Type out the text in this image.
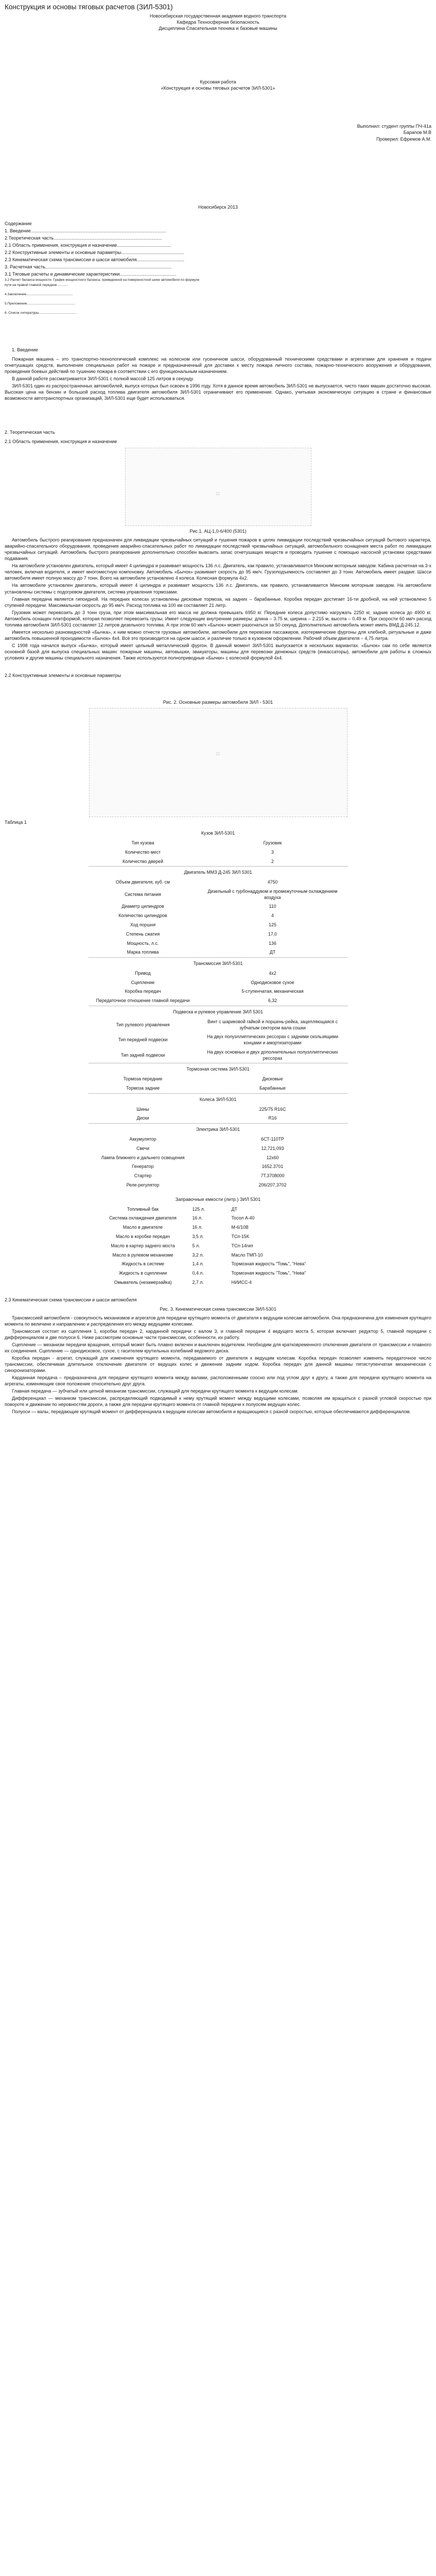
Конструкция и основы тяговых расчетов (ЗИЛ-5301)

Новосибирская государственная академия водного транспорта

Кафедра Техносферная безопасность

Дисциплина Спасательная техника и базовые машины

Курсовая работа

«Конструкция и основы тяговых расчетов ЗИЛ-5301»

Выполнил: студент группы ПЧ-41а

Бараnов М.В

Проверил: Ефремов А.М.

Новосибирск 2013

Содержание

1. Введение.........................................................................................................

2.Теоретическая часть....................................................................................

2.1 Область применения, конструкция и назначение..........................................

2.2 Конструктивные элементы и основные параметры.................................................

2.3 Кинематическая схема трансмиссии и шасси автомобиля.....................................

3. Расчетная часть..................................................................................................

3.1 Тяговые расчеты и динамические характеристики............................................

3.2 Расчет баланса мощности. График мощностного баланса, приведенной на поверхностной шине автомобиля по формуле

пути на правой главной передаче ...........

4.Заключение..................................................

5.Приложение....................................................

6. Список литературы.........................................

1. Введение

Пожарная машина – это транспортно-технологический комплекс на колесном или гусеничном шасси, оборудованный техническими средствами и агрегатами для хранения и подачи огнетушащих средств, выполнения специальных работ на пожаре и предназначенный для доставки к месту пожара личного состава, пожарно-технического вооружения и оборудования, проведения боевых действий по тушению пожара в соответствии с его функциональным назначением.

В данной работе рассматривается ЗИЛ-5301 с полной массой 125 литров в секунду.

ЗИЛ-5301 один из распространенных автомобилей, выпуск которых был освоен в 1996 году. Хотя в данное время автомобиль ЗИЛ-5301 не выпускается, чисто таких машин достаточно высокая. Высокая цена на бензин и большой расход топлива двигателя автомобиля ЗИЛ-5301 ограничивают его применение. Однако, учитывая экономическую ситуацию в стране и финансовые возможности автотранспортных организаций, ЗИЛ-5301 еще будет использоваться.

2. Теоретическая часть

2.1 Область применения, конструкция и назначение

□

Рис.1. АЦ-1,0-6/400 (5301)

Автомобиль быстрого реагирования предназначен для ликвидации чрезвычайных ситуаций и тушения пожаров в целях ликвидации последствий чрезвычайных ситуаций бытового характера, аварийно-спасательного оборудования, проведения аварийно-спасательных работ по ликвидации последствий чрезвычайных ситуаций, автомобильного оснащения места работ по ликвидации чрезвычайных ситуаций. Автомобиль быстрого реагирования дополнительно способен вывозить запас огнетушащих веществ и проводить тушение с помощью насосной установки средствами подавания.

На автомобиле установлен двигатель, который имеет 4 цилиндра и развивает мощность 136 л.с. Двигатель, как правило, устанавливается Минским моторным заводом. Кабина расчетная на 3-х человек, включая водителя, и имеет многоместную компоновку. Автомобиль «Бычок» развивает скорость до 95 км/ч. Грузоподъемность составляет до 3 тонн. Автомобиль имеет раздвиг. Шасси автомобиля имеет полную массу до 7 тонн. Всего на автомобиле установлено 4 колеса. Колесная формула 4х2.

На автомобиле установлен двигатель, который имеет 4 цилиндра и развивает мощность 136 л.с. Двигатель, как правило, устанавливается Минским моторным заводом. На автомобиле установлены системы с подогревом двигателя, система управления тормозами.

Главная передача является гипоидной. На передних колесах установлены дисковые тормоза, на задних – барабанные. Коробка передач достигает 16-ти дробной, на ней установлено 5 ступеней передачи. Максимальная скорость до 95 км/ч. Расход топлива на 100 км составляет 21 литр.

Грузовик может перевозить до 3 тонн груза, при этом максимальная его масса не должна превышать 6950 кг. Передние колеса допустимо нагружать 2250 кг, задние колеса до 4900 кг. Автомобиль оснащен платформой, которая позволяет перевозить грузы. Имеет следующие внутренние размеры: длина – 3.75 м, ширина – 2.215 м, высота – 0.49 м. При скорости 60 км/ч расход топлива автомобиля ЗИЛ-5301 составляет 12 литров дизельного топлива. А при этом 60 км/ч «Бычок» может разогнаться за 50 секунд. Дополнительно автомобиль может иметь ВМД Д-245.12.

Имеется несколько разновидностей «Бычка», к ним можно отнести грузовые автомобили, автомобили для перевозки пассажиров, изотермические фургоны для хлебной, ритуальные и даже автомобиль повышенной проходимости «Бычок» 4x4. Всё это производится на одном шасси, и различие только в кузовном оформлении. Рабочий объем двигателя – 4,75 литра.

С 1998 года начался выпуск «Бычка», который имеет цельный металлический фургон. В данный момент ЗИЛ-5301 выпускается в нескольких вариантах. «Бычок» сам по себе является основной базой для выпуска специальных машин: пожарные машины, автовышки, эвакуаторы, машины для перевозки денежных средств (инкассаторы), автомобили для работы в сложных условиях и другие машины специального назначения. Также используются полноприводные «Бычки» с колесной формулой 4x4.

2.2 Конструктивные элементы и основные параметры

Рис. 2. Основные размеры автомобиля ЗИЛ - 5301

□

Таблица 1

Кузов ЗИЛ-5301	
Тип кузова	Грузовик
Количество мест	3
Количество дверей	2
Двигатель ММЗ Д-245 ЗИЛ 5301	
Объем двигателя, куб. см	4750
Система питания	Дизельный с турбонаддувом и промежуточным охлаждением воздуха
Диаметр цилиндров	110
Количество цилиндров	4
Ход поршня	125
Степень сжатия	17,0
Мощность, л.с.	136
Марка топлива	ДТ
Трансмиссия ЗИЛ-5301	
Привод	4x2
Сцепление	Однодисковое сухое
Коробка передач	5-ступенчатая, механическая
Передаточное отношение главной передачи	6,32
Подвеска и рулевое управление ЗИЛ 5301	
Тип рулевого управления	Винт с шариковой гайкой и поршень-рейка, зацепляющаяся с зубчатым сектором вала сошки
Тип передней подвески	На двух полуэллиптических рессорах с задними скользящими концами и амортизаторами
Тип задней подвески	На двух основных и двух дополнительных полуэллиптических рессорах
Тормозная система ЗИЛ-5301	
Тормоза передние	Дисковые
Тормоза задние	Барабанные
Колеса ЗИЛ-5301	
Шины	225/75 R16С
Диски	R16
Электрика ЗИЛ-5301	
Аккумулятор	6СТ-110ТР
Свечи	12,721,093
Лампа ближнего и дальнего освещения	12х60
Генератор	1652.3701
Стартер	7Т.3708000
Реле-регулятор	206/207.3702

Заправочные емкости (литр.) ЗИЛ 5301

Топливный бак	125 л.	ДТ
Система охлаждения двигателя	16 л.	Тосол А-40
Масло в двигателе	16 л.	М-6/10В
Масло в коробке передач	3,5 л.	ТСп-15К
Масло в картер заднего моста	5 л.	ТСп-14гип
Масло в рулевом механизме	3,2 л.	Масло ТМП-10
Жидкость в системе	1,4 л.	Тормозная жидкость "Томь", "Нева"
Жидкость в сцеплении	0,4 л.	Тормозная жидкость "Томь", "Нева"
Омыватель (незамерзайка)	2,7 л.	НИИСС-4

2.3 Кинематическая схема трансмиссии и шасси автомобиля

Рис. 3. Кинематическая схема трансмиссии ЗИЛ-5301

Трансмиссией автомобиля - совокупность механизмов и агрегатов для передачи крутящего момента от двигателя к ведущим колесам автомобиля. Она предназначена для изменения крутящего момента по величине и направлению и распределения его между ведущими колесами.

Трансмиссия состоит из сцепления 1, коробки передач 2, карданной передачи с валом 3, и главной передачи 4 ведущего моста 5, которая включает редуктор 5, главной передачи с дифференциалом и две полуоси 6. Ниже рассмотрим основные части трансмиссии, особенности, их работу.

Сцепление — механизм передачи вращения, который может быть плавно включен и выключен водителем. Необходим для кратковременного отключения двигателя от трансмиссии и плавного их соединения. Сцепление — однодисковое, сухое, с гасителем крутильных колебаний ведомого диска.

Коробка передач - агрегат, служащий для изменения крутящего момента, передаваемого от двигателя к ведущим колесам. Коробка передач позволяет изменять передаточное число трансмиссии, обеспечивая длительное отключение двигателя от ведущих колес и движение задним ходом. Коробка передач для данной машины пятиступенчатая механическая с синхронизаторами.

Карданная передача – предназначена для передачи крутящего момента между валами, расположенными соосно или под углом друг к другу, а также для передачи крутящего момента на агрегаты, изменяющие свое положение относительно друг друга.

Главная передача — зубчатый или цепной механизм трансмиссии, служащий для передачи крутящего момента к ведущим колесам.

Дифференциал — механизм трансмиссии, распределяющий подводимый к нему крутящий момент между ведущими колесами, позволяя им вращаться с разной угловой скоростью при повороте и движении по неровностям дороги, а также для передачи крутящего момента от главной передачи к полуосям ведущих колес.

Полуоси — валы, передающие крутящий момент от дифференциала к ведущим колесам автомобиля и вращающиеся с разной скоростью, которые обеспечиваются дифференциалом.
